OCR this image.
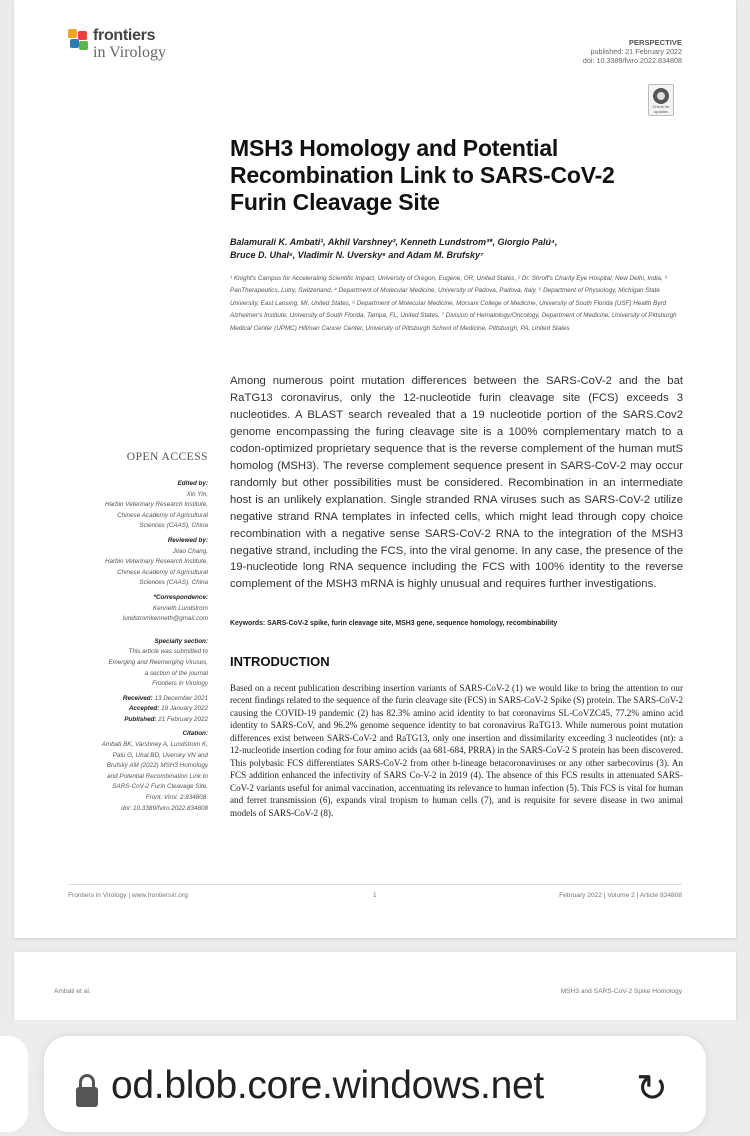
frontiers
in Virology
PERSPECTIVE
published: 21 February 2022
doi: 10.3389/fviro.2022.834808
Check for updates
MSH3 Homology and Potential
Recombination Link to SARS-CoV-2
Furin Cleavage Site
Balamurali K. Ambati¹, Akhil Varshney², Kenneth Lundstrom³*, Giorgio Palú⁴,
Bruce D. Uhal⁵, Vladimir N. Uversky⁶ and Adam M. Brufsky⁷
¹ Knight's Campus for Accelerating Scientific Impact, University of Oregon, Eugene, OR, United States, ² Dr. Shroff's Charity Eye Hospital, New Delhi, India, ³ PanTherapeutics, Lutry, Switzerland, ⁴ Department of Molecular Medicine, University of Padova, Padova, Italy, ⁵ Department of Physiology, Michigan State University, East Lansing, MI, United States, ⁶ Department of Molecular Medicine, Morsani College of Medicine, University of South Florida (USF) Health Byrd Alzheimer's Institute, University of South Florida, Tampa, FL, United States, ⁷ Division of Hematology/Oncology, Department of Medicine, University of Pittsburgh Medical Center (UPMC) Hillman Cancer Center, University of Pittsburgh School of Medicine, Pittsburgh, PA, United States
Among numerous point mutation differences between the SARS-CoV-2 and the bat RaTG13 coronavirus, only the 12-nucleotide furin cleavage site (FCS) exceeds 3 nucleotides. A BLAST search revealed that a 19 nucleotide portion of the SARS.Cov2 genome encompassing the furing cleavage site is a 100% complementary match to a codon-optimized proprietary sequence that is the reverse complement of the human mutS homolog (MSH3). The reverse complement sequence present in SARS-CoV-2 may occur randomly but other possibilities must be considered. Recombination in an intermediate host is an unlikely explanation. Single stranded RNA viruses such as SARS-CoV-2 utilize negative strand RNA templates in infected cells, which might lead through copy choice recombination with a negative sense SARS-CoV-2 RNA to the integration of the MSH3 negative strand, including the FCS, into the viral genome. In any case, the presence of the 19-nucleotide long RNA sequence including the FCS with 100% identity to the reverse complement of the MSH3 mRNA is highly unusual and requires further investigations.
Keywords: SARS-CoV-2 spike, furin cleavage site, MSH3 gene, sequence homology, recombinability
OPEN ACCESS
Edited by:
Xin Yin,
Harbin Veterinary Research Institute,
Chinese Academy of Agricultural
Sciences (CAAS), China
Reviewed by:
Jitao Chang,
Harbin Veterinary Research Institute,
Chinese Academy of Agricultural
Sciences (CAAS), China
*Correspondence:
Kenneth Lundstrom
lundstromkenneth@gmail.com
Specialty section:
This article was submitted to
Emerging and Reemerging Viruses,
a section of the journal
Frontiers in Virology
Received: 13 December 2021
Accepted: 19 January 2022
Published: 21 February 2022
Citation:
Ambati BK, Varshney A, Lundstrom K,
Palú G, Uhal BD, Uversky VN and
Brufsky AM (2022) MSH3 Homology
and Potential Recombination Link to
SARS-CoV-2 Furin Cleavage Site.
Front. Virol. 2:834808.
doi: 10.3389/fviro.2022.834808
INTRODUCTION
Based on a recent publication describing insertion variants of SARS-CoV-2 (1) we would like to bring the attention to our recent findings related to the sequence of the furin cleavage site (FCS) in SARS-CoV-2 Spike (S) protein. The SARS-CoV-2 causing the COVID-19 pandemic (2) has 82.3% amino acid identity to bat coronavirus SL-CoVZC45, 77.2% amino acid identity to SARS-CoV, and 96.2% genome sequence identity to bat coronavirus RaTG13. While numerous point mutation differences exist between SARS-CoV-2 and RaTG13, only one insertion and dissimilarity exceeding 3 nucleotides (nt): a 12-nucleotide insertion coding for four amino acids (aa 681-684, PRRA) in the SARS-CoV-2 S protein has been discovered. This polybasic FCS differentiates SARS-CoV-2 from other b-lineage betacoronaviruses or any other sarbecovirus (3). An FCS addition enhanced the infectivity of SARS Co-V-2 in 2019 (4). The absence of this FCS results in attenuated SARS-CoV-2 variants useful for animal vaccination, accentuating its relevance to human infection (5). This FCS is vital for human and ferret transmission (6), expands viral tropism to human cells (7), and is requisite for severe disease in two animal models of SARS-CoV-2 (8).
Frontiers in Virology | www.frontiersin.org	1	February 2022 | Volume 2 | Article 834808
Ambati et al.	MSH3 and SARS-CoV-2 Spike Homology
od.blob.core.windows.net ↻
